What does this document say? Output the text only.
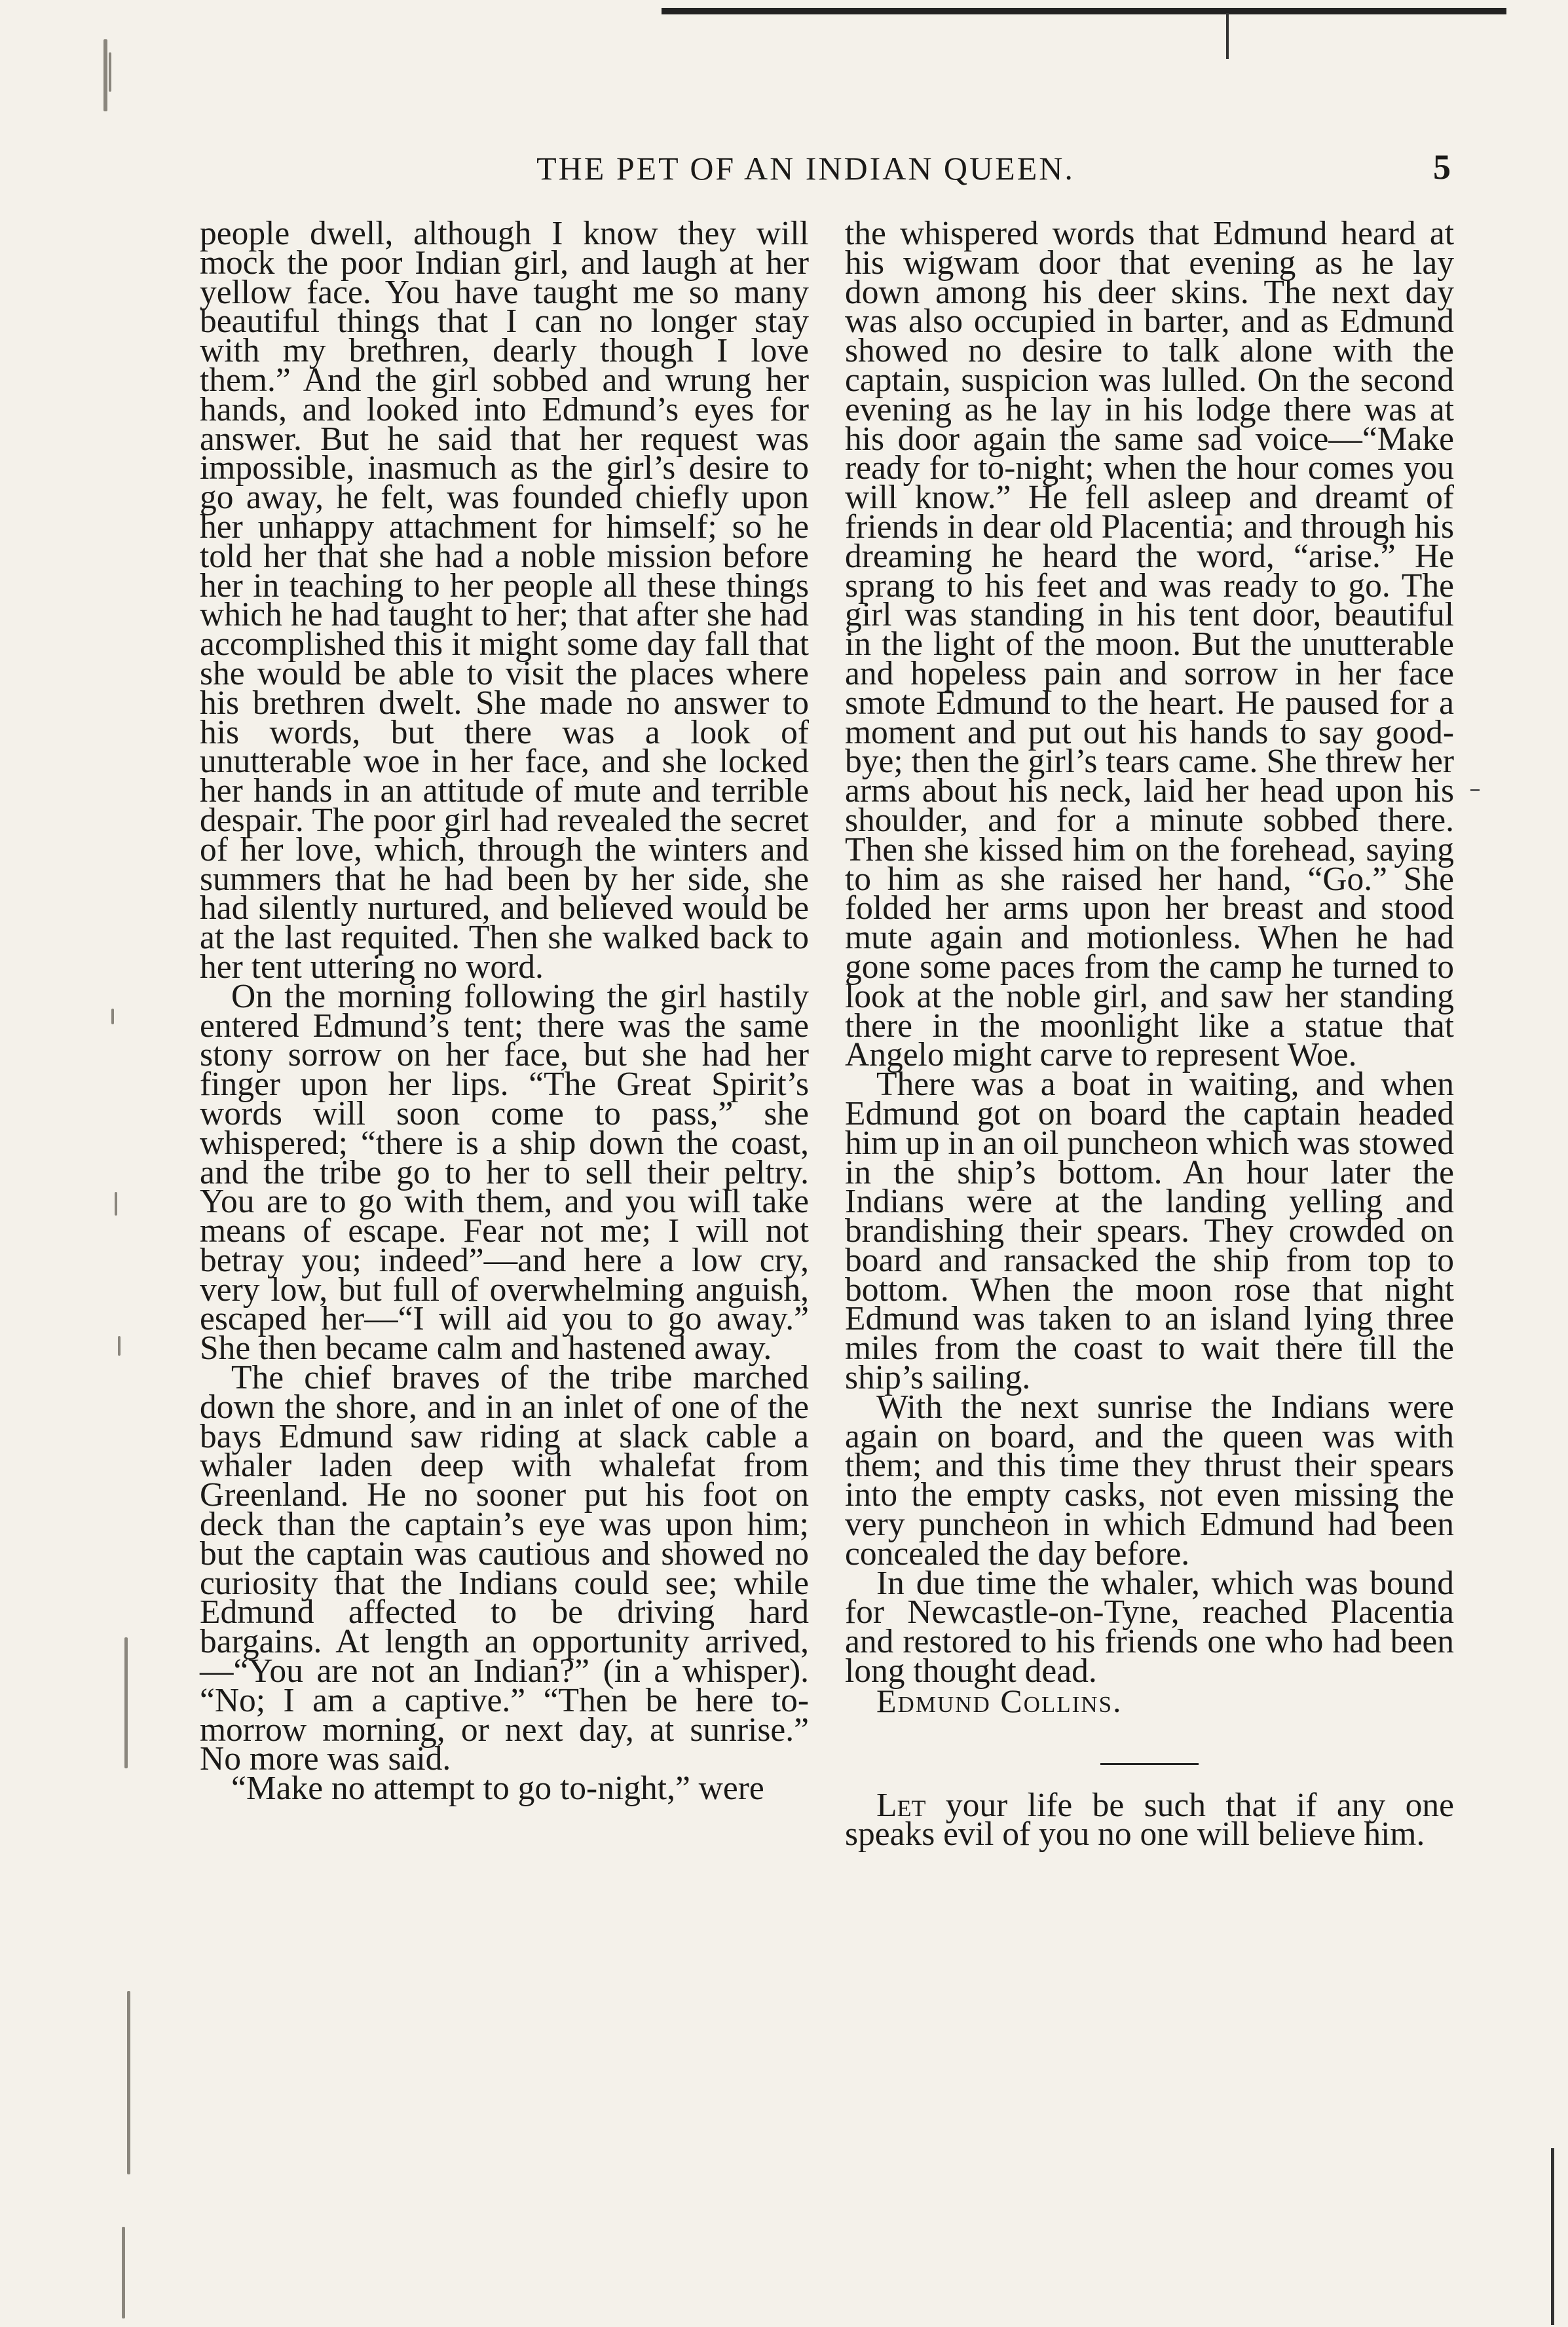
THE PET OF AN INDIAN QUEEN.	5

people dwell, although I know they will mock the poor Indian girl, and laugh at her yellow face. You have taught me so many beautiful things that I can no longer stay with my brethren, dearly though I love them.” And the girl sobbed and wrung her hands, and looked into Edmund’s eyes for answer. But he said that her request was impossible, inasmuch as the girl’s desire to go away, he felt, was founded chiefly upon her unhappy attachment for himself; so he told her that she had a noble mission before her in teaching to her people all these things which he had taught to her; that after she had accomplished this it might some day fall that she would be able to visit the places where his brethren dwelt. She made no answer to his words, but there was a look of unutterable woe in her face, and she locked her hands in an attitude of mute and terrible despair. The poor girl had revealed the secret of her love, which, through the winters and summers that he had been by her side, she had silently nurtured, and believed would be at the last requited. Then she walked back to her tent uttering no word.

On the morning following the girl hastily entered Edmund’s tent; there was the same stony sorrow on her face, but she had her finger upon her lips. “The Great Spirit’s words will soon come to pass,” she whispered; “there is a ship down the coast, and the tribe go to her to sell their peltry. You are to go with them, and you will take means of escape. Fear not me; I will not betray you; indeed”—and here a low cry, very low, but full of overwhelming anguish, escaped her—“I will aid you to go away.” She then became calm and hastened away.

The chief braves of the tribe marched down the shore, and in an inlet of one of the bays Edmund saw riding at slack cable a whaler laden deep with whalefat from Greenland. He no sooner put his foot on deck than the captain’s eye was upon him; but the captain was cautious and showed no curiosity that the Indians could see; while Edmund affected to be driving hard bargains. At length an opportunity arrived,—“You are not an Indian?” (in a whisper). “No; I am a captive.” “Then be here to-morrow morning, or next day, at sunrise.” No more was said.

“Make no attempt to go to-night,” were

the whispered words that Edmund heard at his wigwam door that evening as he lay down among his deer skins. The next day was also occupied in barter, and as Edmund showed no desire to talk alone with the captain, suspicion was lulled. On the second evening as he lay in his lodge there was at his door again the same sad voice—“Make ready for to-night; when the hour comes you will know.” He fell asleep and dreamt of friends in dear old Placentia; and through his dreaming he heard the word, “arise.” He sprang to his feet and was ready to go. The girl was standing in his tent door, beautiful in the light of the moon. But the unutterable and hopeless pain and sorrow in her face smote Edmund to the heart. He paused for a moment and put out his hands to say good-bye; then the girl’s tears came. She threw her arms about his neck, laid her head upon his shoulder, and for a minute sobbed there. Then she kissed him on the forehead, saying to him as she raised her hand, “Go.” She folded her arms upon her breast and stood mute again and motionless. When he had gone some paces from the camp he turned to look at the noble girl, and saw her standing there in the moonlight like a statue that Angelo might carve to represent Woe.

There was a boat in waiting, and when Edmund got on board the captain headed him up in an oil puncheon which was stowed in the ship’s bottom. An hour later the Indians were at the landing yelling and brandishing their spears. They crowded on board and ransacked the ship from top to bottom. When the moon rose that night Edmund was taken to an island lying three miles from the coast to wait there till the ship’s sailing.

With the next sunrise the Indians were again on board, and the queen was with them; and this time they thrust their spears into the empty casks, not even missing the very puncheon in which Edmund had been concealed the day before.

In due time the whaler, which was bound for Newcastle-on-Tyne, reached Placentia and restored to his friends one who had been long thought dead.

Edmund Collins.

Let your life be such that if any one speaks evil of you no one will believe him.
